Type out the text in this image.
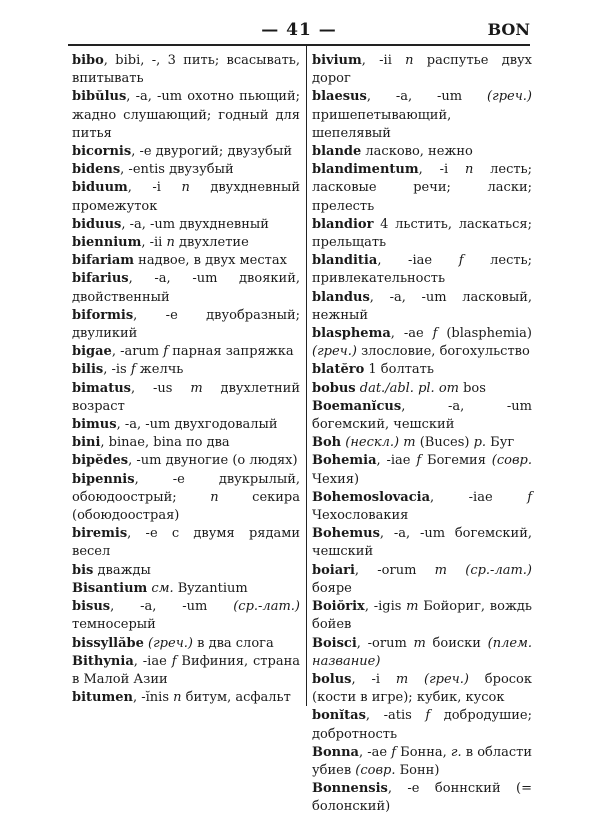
— 41 —	BON
bibo, bibi, -, 3 пить; всасывать, впитывать
bibŭlus, -a, -um охотно пьющий; жадно слушающий; годный для питья
bicornis, -e двурогий; двузубый
bidens, -entis двузубый
biduum, -i n двухдневный промежуток
biduus, -a, -um двухдневный
biennium, -ii n двухлетие
bifariam надвое, в двух местах
bifarius, -a, -um двоякий, двойственный
biformis, -e двуобразный; двуликий
bigae, -arum f парная запряжка
bilis, -is f желчь
bimatus, -us m двухлетний возраст
bimus, -a, -um двухгодовалый
bini, binae, bina по два
bipĕdes, -um двуногие (о людях)
bipennis, -e двукрылый, обоюдоострый; n секира (обоюдоострая)
biremis, -e с двумя рядами весел
bis дважды
Bisantium см. Byzantium
bisus, -a, -um (ср.-лат.) темносерый
bissyllăbe (греч.) в два слога
Bithynia, -iae f Вифиния, страна в Малой Азии
bitumen, -ĭnis n битум, асфальт
bivium, -ii n распутье двух дорог
blaesus, -a, -um (греч.) пришепетывающий, шепелявый
blande ласково, нежно
blandimentum, -i n лесть; ласковые речи; ласки; прелесть
blandior 4 льстить, ласкаться; прельщать
blanditia, -iae f лесть; привлекательность
blandus, -a, -um ласковый, нежный
blasphema, -ae f (blasphemia) (греч.) злословие, богохульство
blatĕro 1 болтать
bobus dat./abl. pl. от bos
Boemanĭcus, -a, -um богемский, чешский
Boh (нескл.) m (Buces) р. Буг
Bohemia, -iae f Богемия (совр. Чехия)
Bohemoslovacia, -iae f Чехословакия
Bohemus, -a, -um богемский, чешский
boiari, -orum m (ср.-лат.) бояре
Boiŏrix, -igis m Бойориг, вождь бойев
Boisci, -orum m боиски (плем. название)
bolus, -i m (греч.) бросок (кости в игре); кубик, кусок
bonĭtas, -atis f добродушие; добротность
Bonna, -ae f Бонна, г. в области убиев (совр. Бонн)
Bonnensis, -e боннский (= болонский)
